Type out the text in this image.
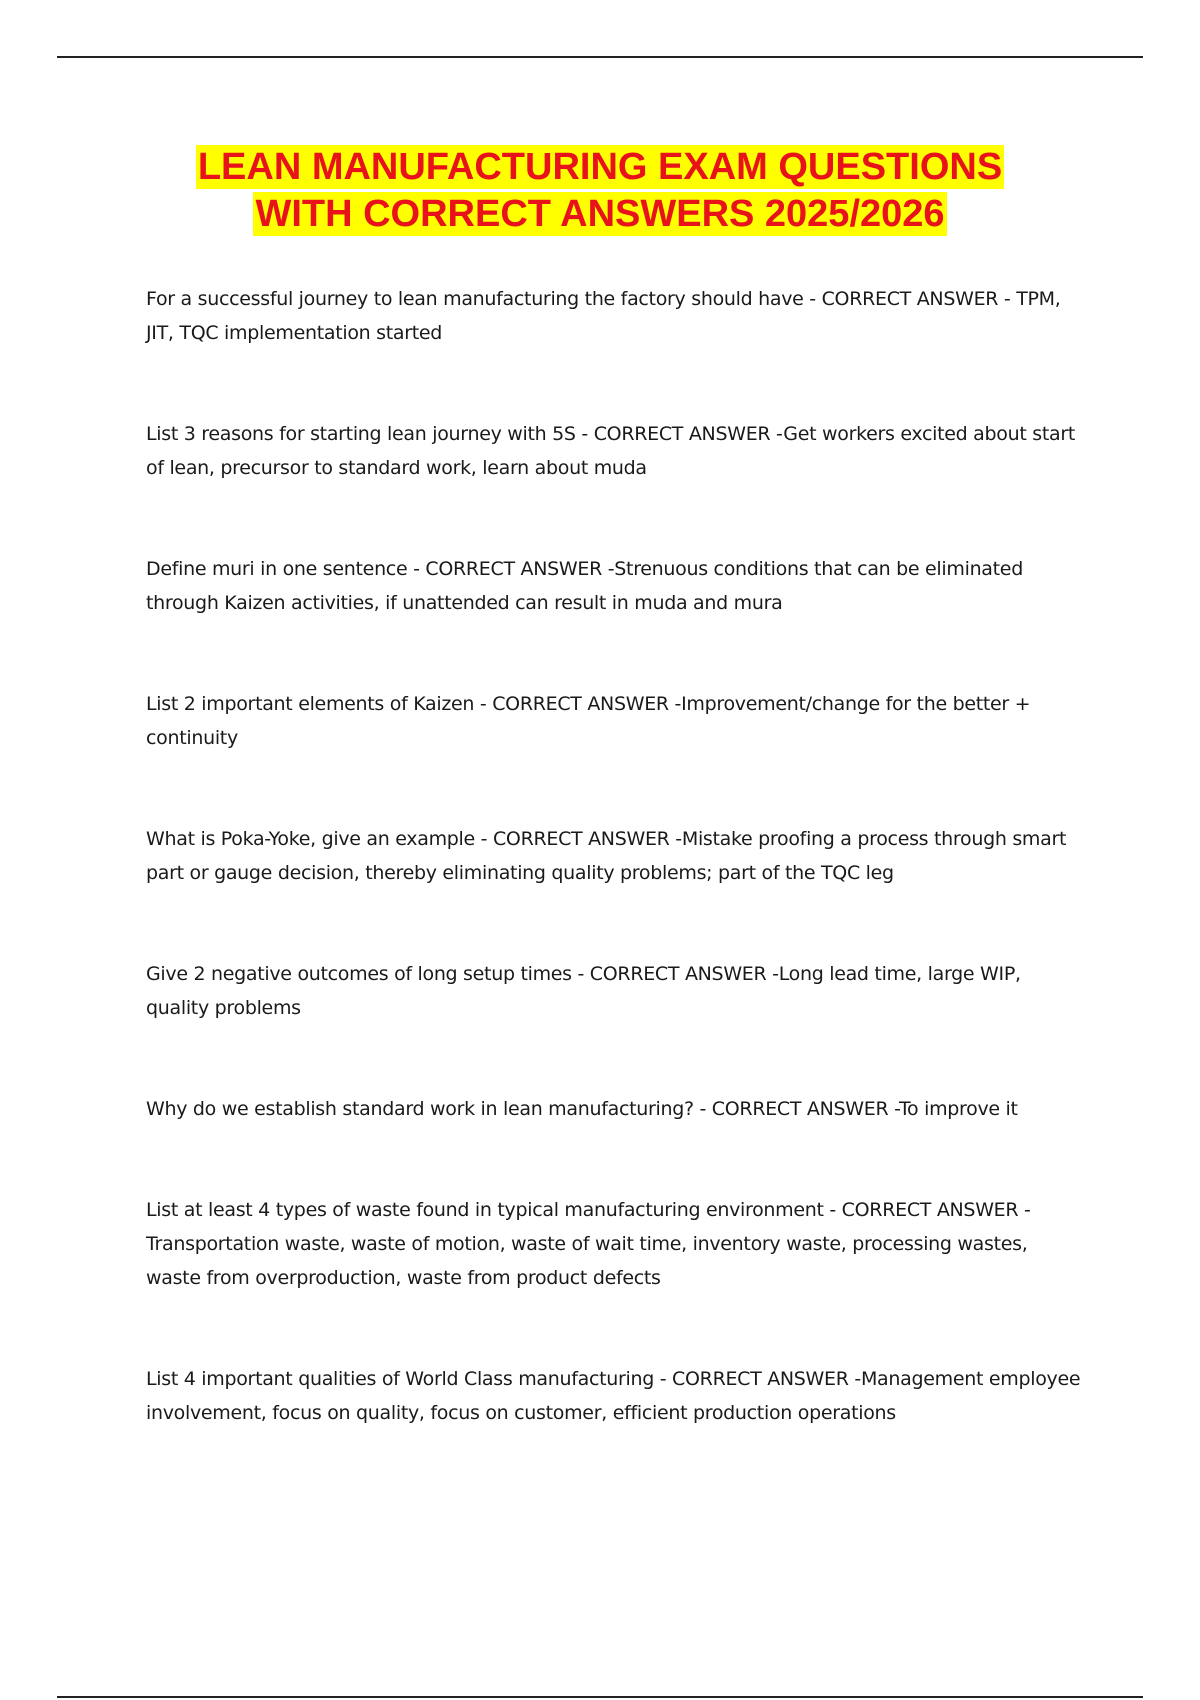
LEAN MANUFACTURING EXAM QUESTIONS
WITH CORRECT ANSWERS 2025/2026

For a successful journey to lean manufacturing the factory should have - CORRECT ANSWER - TPM, JIT, TQC implementation started

List 3 reasons for starting lean journey with 5S - CORRECT ANSWER -Get workers excited about start of lean, precursor to standard work, learn about muda

Define muri in one sentence - CORRECT ANSWER -Strenuous conditions that can be eliminated through Kaizen activities, if unattended can result in muda and mura

List 2 important elements of Kaizen - CORRECT ANSWER -Improvement/change for the better + continuity

What is Poka-Yoke, give an example - CORRECT ANSWER -Mistake proofing a process through smart part or gauge decision, thereby eliminating quality problems; part of the TQC leg

Give 2 negative outcomes of long setup times - CORRECT ANSWER -Long lead time, large WIP, quality problems

Why do we establish standard work in lean manufacturing? - CORRECT ANSWER -To improve it

List at least 4 types of waste found in typical manufacturing environment - CORRECT ANSWER - Transportation waste, waste of motion, waste of wait time, inventory waste, processing wastes, waste from overproduction, waste from product defects

List 4 important qualities of World Class manufacturing - CORRECT ANSWER -Management employee involvement, focus on quality, focus on customer, efficient production operations
